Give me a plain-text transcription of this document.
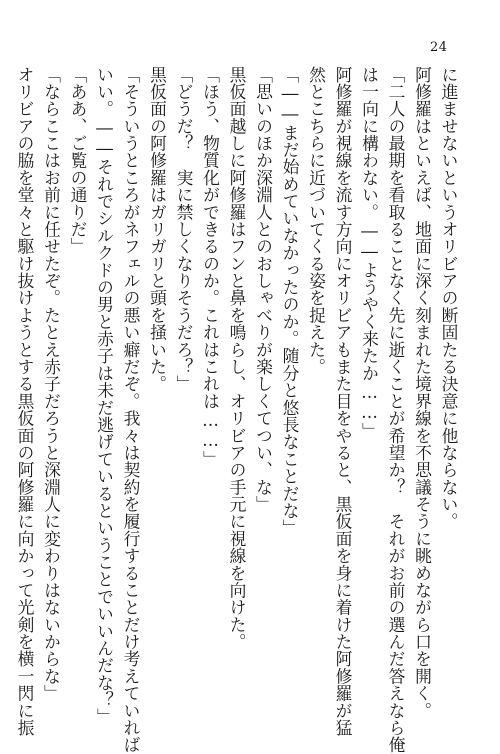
24
に進ませないというオリビアの断固たる決意に他ならない。
阿修羅はといえば、地面に深く刻まれた境界線を不思議そうに眺めながら口を開く。
「二人の最期を看取ることなく先に逝くことが希望か？　それがお前の選んだ答えなら俺
は一向に構わない。――ようやく来たか……」
阿修羅が視線を流す方向にオリビアもまた目をやると、黒仮面を身に着けた阿修羅が猛
然とこちらに近づいてくる姿を捉えた。
「――まだ始めていなかったのか。随分と悠長なことだな」
「思いのほか深淵人とのおしゃべりが楽しくてつい、な」
黒仮面越しに阿修羅はフンと鼻を鳴らし、オリビアの手元に視線を向けた。
「ほう、物質化ができるのか。これはこれは……」
「どうだ？　実に禁しくなりそうだろ？」
黒仮面の阿修羅はガリガリと頭を掻いた。
「そういうところがネフェルの悪い癖だぞ。我々は契約を履行することだけ考えていれば
いい。――それでシルクドの男と赤子は未だ逃げているということでいいんだな？」
「ああ、ご覧の通りだ」
「ならここはお前に任せたぞ。たとえ赤子だろうと深淵人に変わりはないからな」
オリビアの脇を堂々と駆け抜けようとする黒仮面の阿修羅に向かって光剣を横一閃に振
